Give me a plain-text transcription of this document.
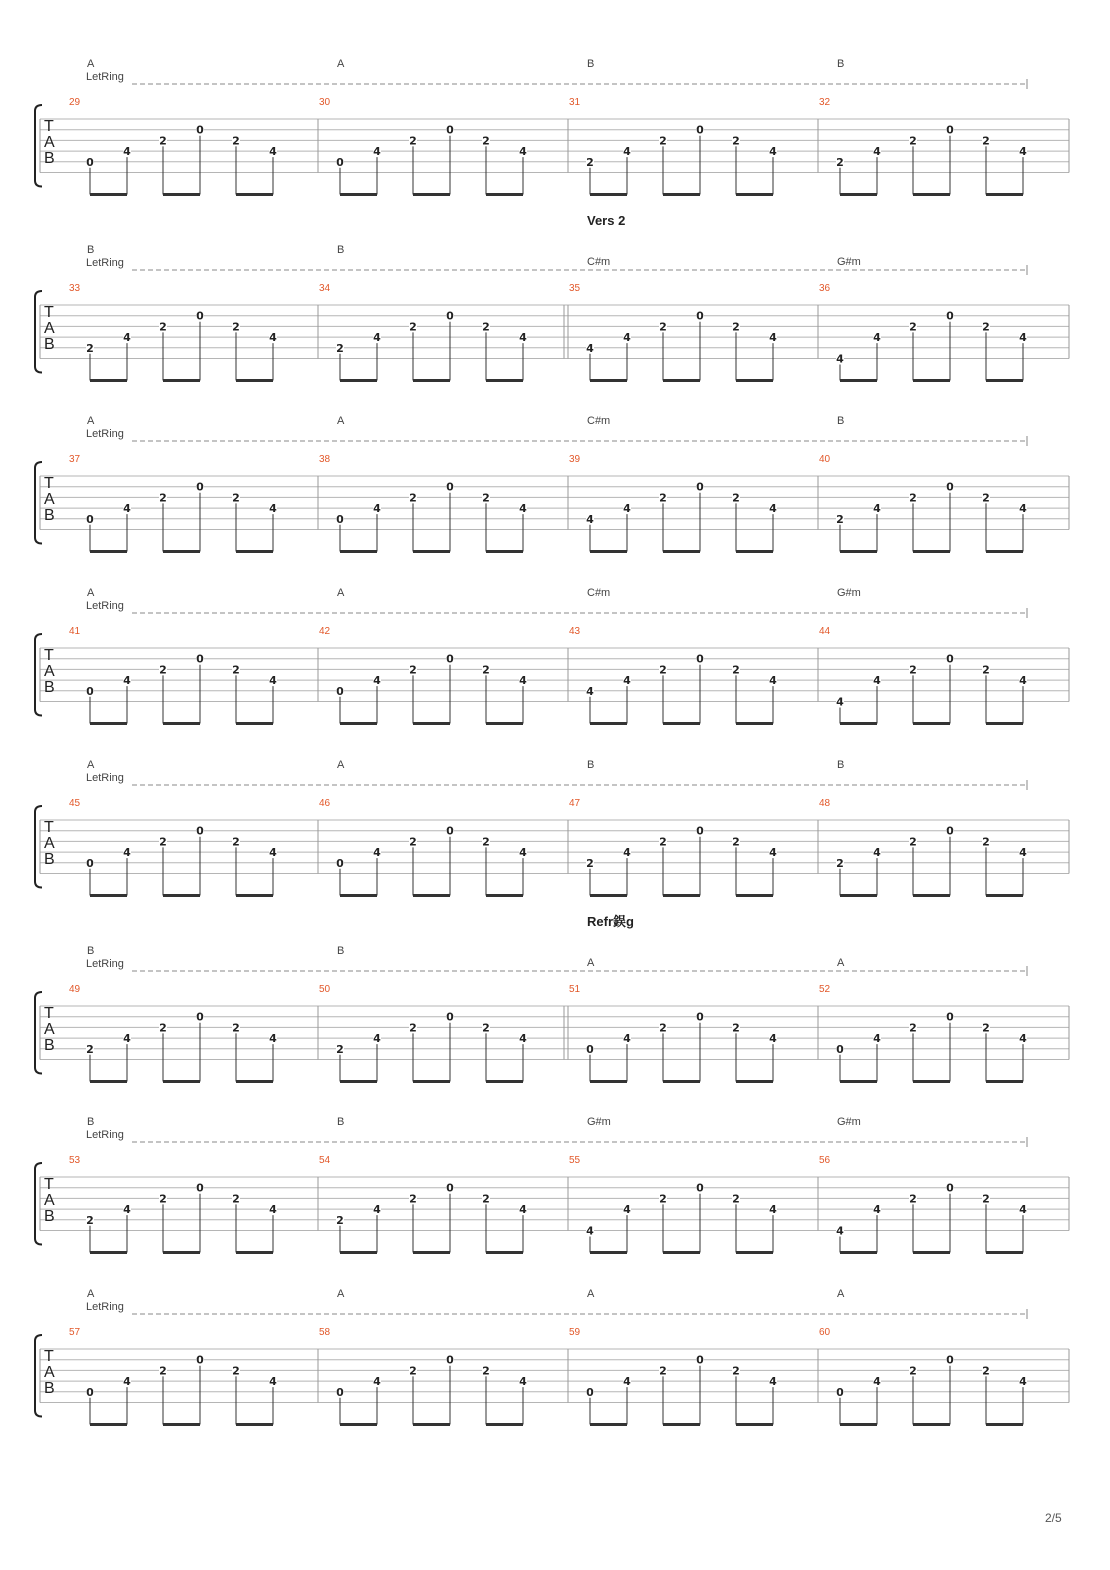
T
A
B
LetRing
A
29
0
4
2
0
2
4
A
30
0
4
2
0
2
4
B
31
2
4
2
0
2
4
B
32
2
4
2
0
2
4
T
A
B
LetRing
Vers 2
B
33
2
4
2
0
2
4
B
34
2
4
2
0
2
4
C#m
35
4
4
2
0
2
4
G#m
36
4
4
2
0
2
4
T
A
B
LetRing
A
37
0
4
2
0
2
4
A
38
0
4
2
0
2
4
C#m
39
4
4
2
0
2
4
B
40
2
4
2
0
2
4
T
A
B
LetRing
A
41
0
4
2
0
2
4
A
42
0
4
2
0
2
4
C#m
43
4
4
2
0
2
4
G#m
44
4
4
2
0
2
4
T
A
B
LetRing
A
45
0
4
2
0
2
4
A
46
0
4
2
0
2
4
B
47
2
4
2
0
2
4
B
48
2
4
2
0
2
4
T
A
B
LetRing
Refr鋘g
B
49
2
4
2
0
2
4
B
50
2
4
2
0
2
4
A
51
0
4
2
0
2
4
A
52
0
4
2
0
2
4
T
A
B
LetRing
B
53
2
4
2
0
2
4
B
54
2
4
2
0
2
4
G#m
55
4
4
2
0
2
4
G#m
56
4
4
2
0
2
4
T
A
B
LetRing
A
57
0
4
2
0
2
4
A
58
0
4
2
0
2
4
A
59
0
4
2
0
2
4
A
60
0
4
2
0
2
4
2/5
